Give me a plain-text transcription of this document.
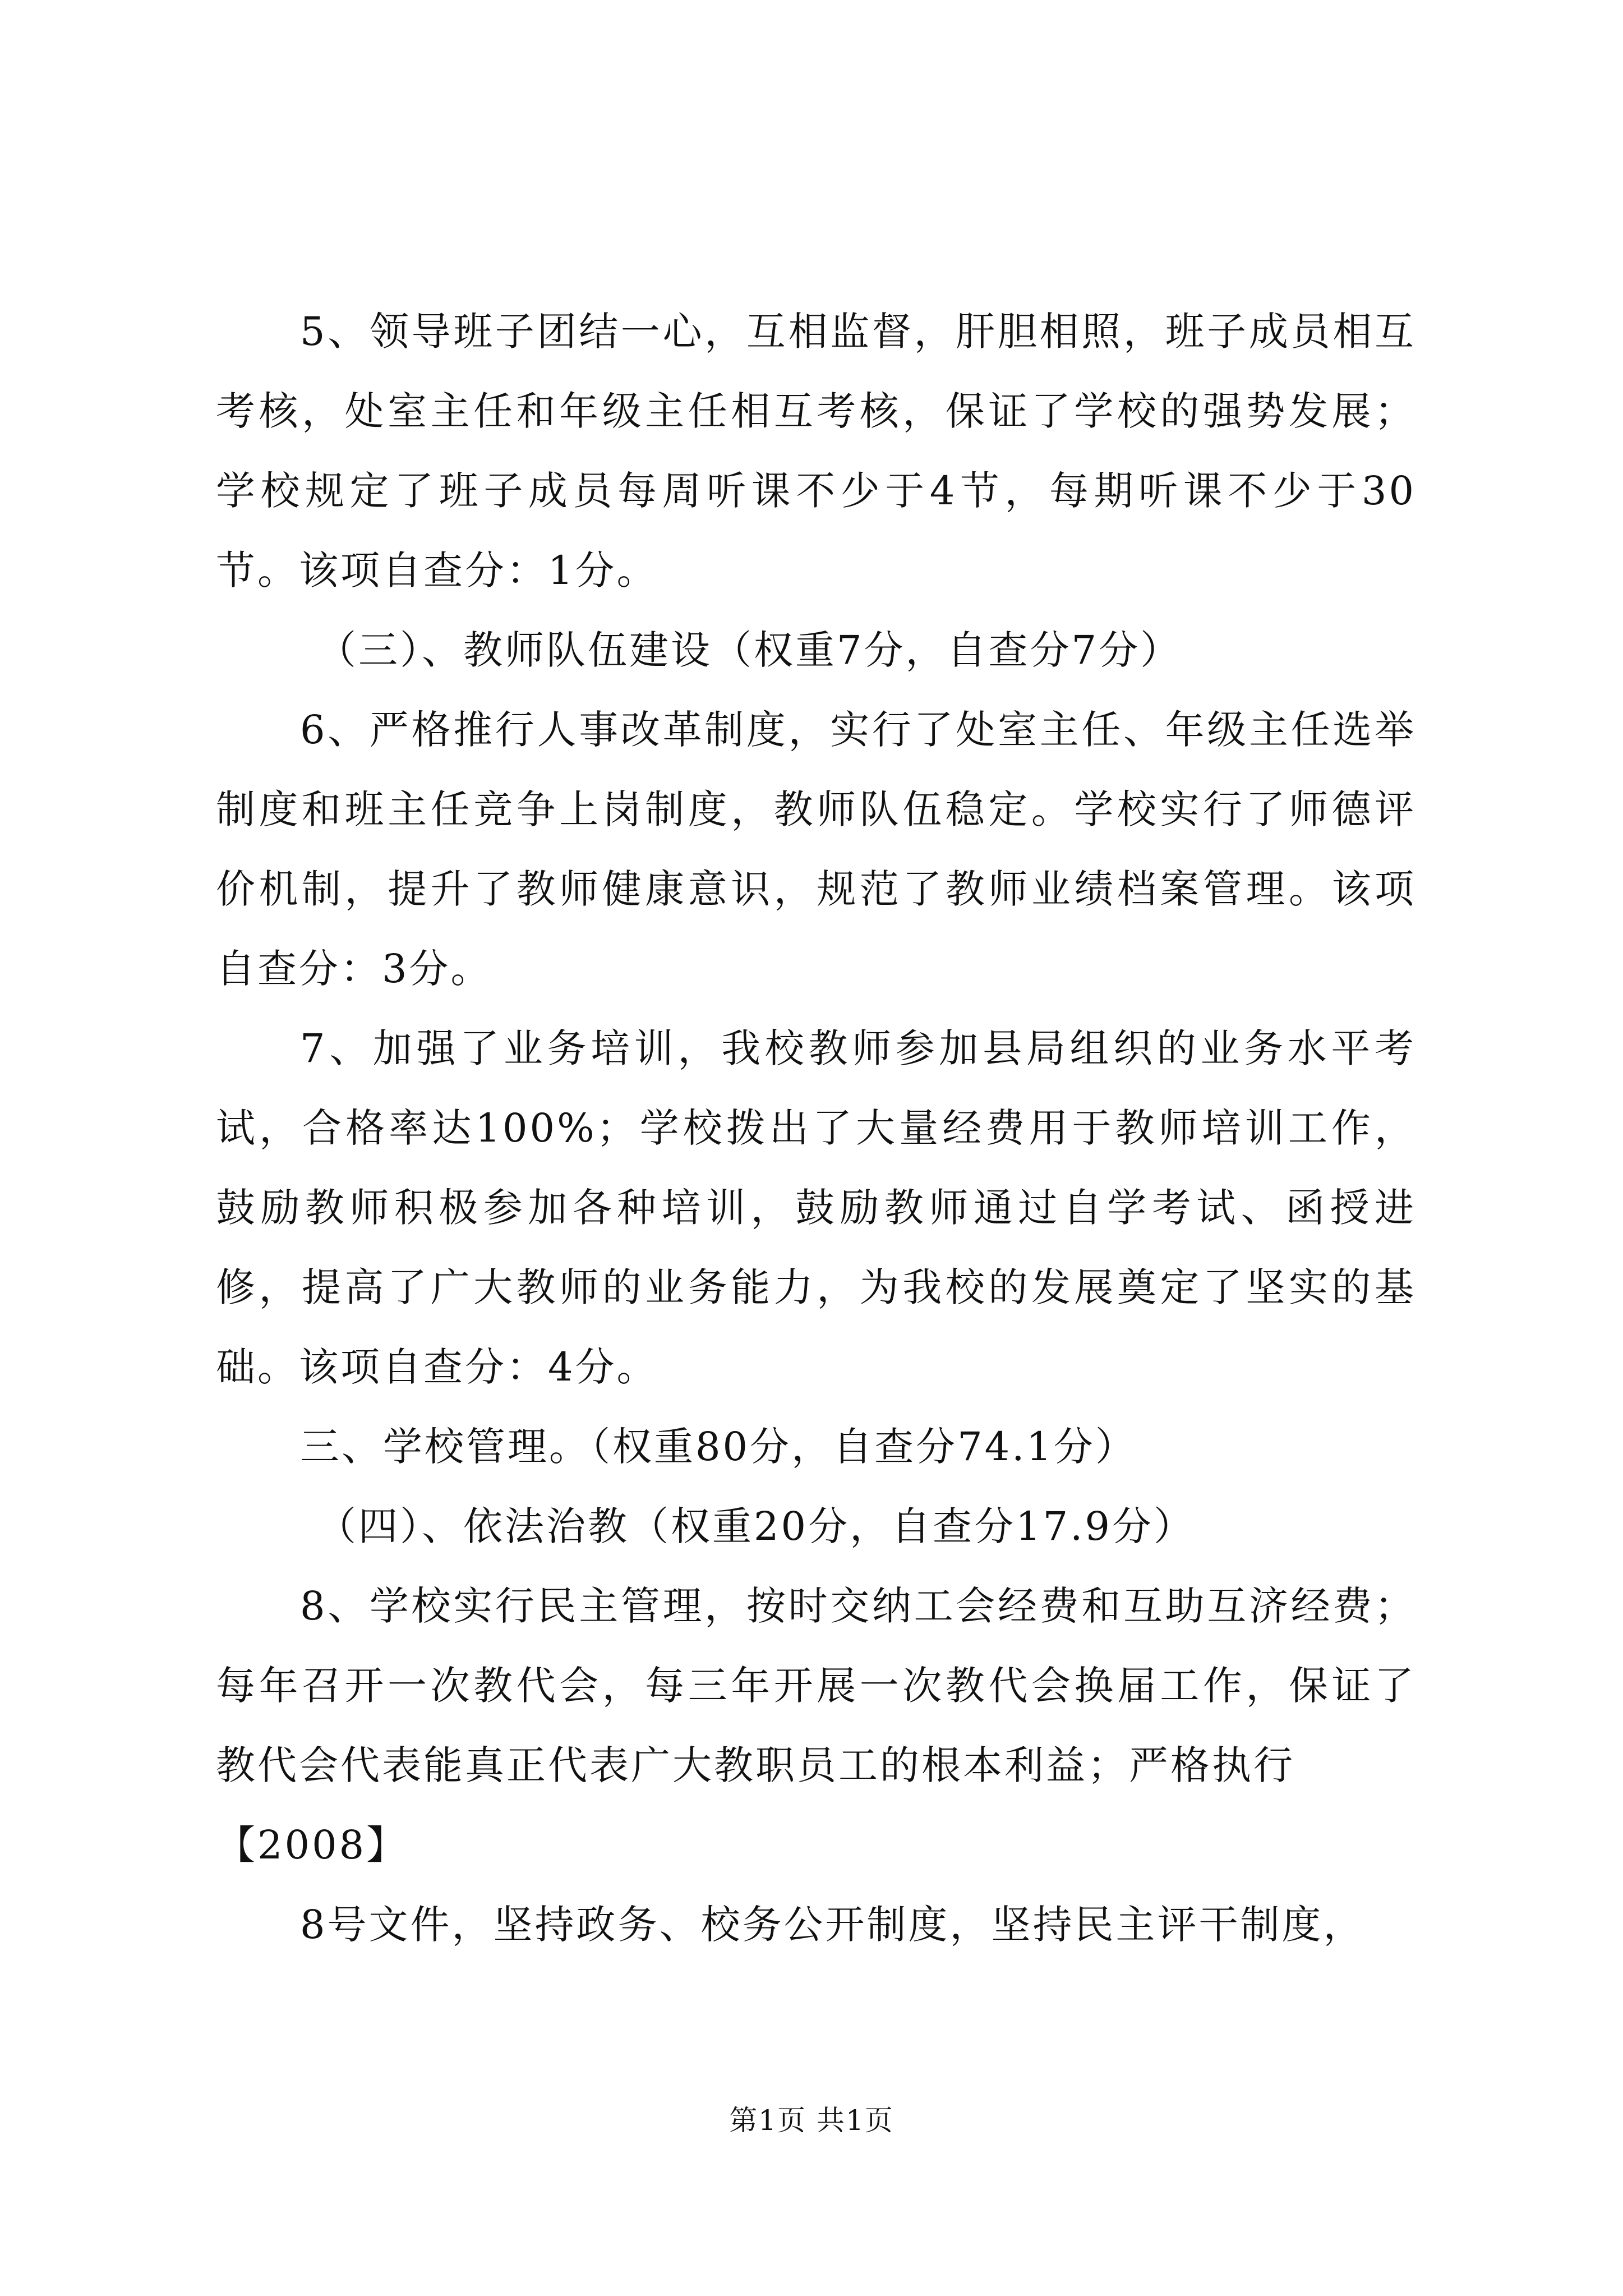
5、领导班子团结一心，互相监督，肝胆相照，班子成员相互考核，处室主任和年级主任相互考核，保证了学校的强势发展；学校规定了班子成员每周听课不少于4节，每期听课不少于30节。该项自查分：1分。

（三）、教师队伍建设（权重7分，自查分7分）

6、严格推行人事改革制度，实行了处室主任、年级主任选举制度和班主任竞争上岗制度，教师队伍稳定。学校实行了师德评价机制，提升了教师健康意识，规范了教师业绩档案管理。该项自查分：3分。

7、加强了业务培训，我校教师参加县局组织的业务水平考试，合格率达100%；学校拨出了大量经费用于教师培训工作，鼓励教师积极参加各种培训，鼓励教师通过自学考试、函授进修，提高了广大教师的业务能力，为我校的发展奠定了坚实的基础。该项自查分：4分。

三、学校管理。（权重80分，自查分74.1分）

（四）、依法治教（权重20分，自查分17.9分）

8、学校实行民主管理，按时交纳工会经费和互助互济经费；每年召开一次教代会，每三年开展一次教代会换届工作，保证了教代会代表能真正代表广大教职员工的根本利益；严格执行

【2008】

8号文件，坚持政务、校务公开制度，坚持民主评干制度，

第1页 共1页
